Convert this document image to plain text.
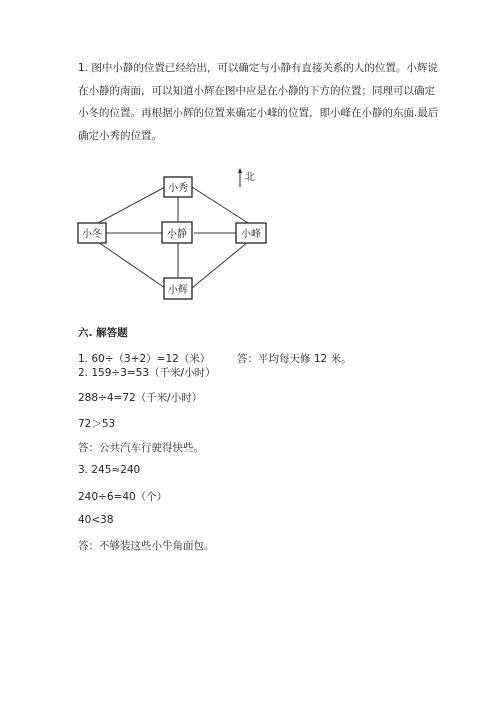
1. 图中小静的位置已经给出，可以确定与小静有直接关系的人的位置。小辉说

在小静的南面，可以知道小辉在图中应是在小静的下方的位置；同理可以确定

小冬的位置。再根据小辉的位置来确定小峰的位置，即小峰在小静的东面.最后

确定小秀的位置。

北
小秀
小冬	小静	小峰
小辉
六. 解答题
1. 60÷（3+2）=12（米）	答：平均每天修 12 米。
2. 159÷3=53（千米/小时）
288÷4=72（千米/小时）
72＞53
答：公共汽车行驶得快些。
3. 245≈240
240÷6=40（个）
40<38
答：不够装这些小牛角面包。
